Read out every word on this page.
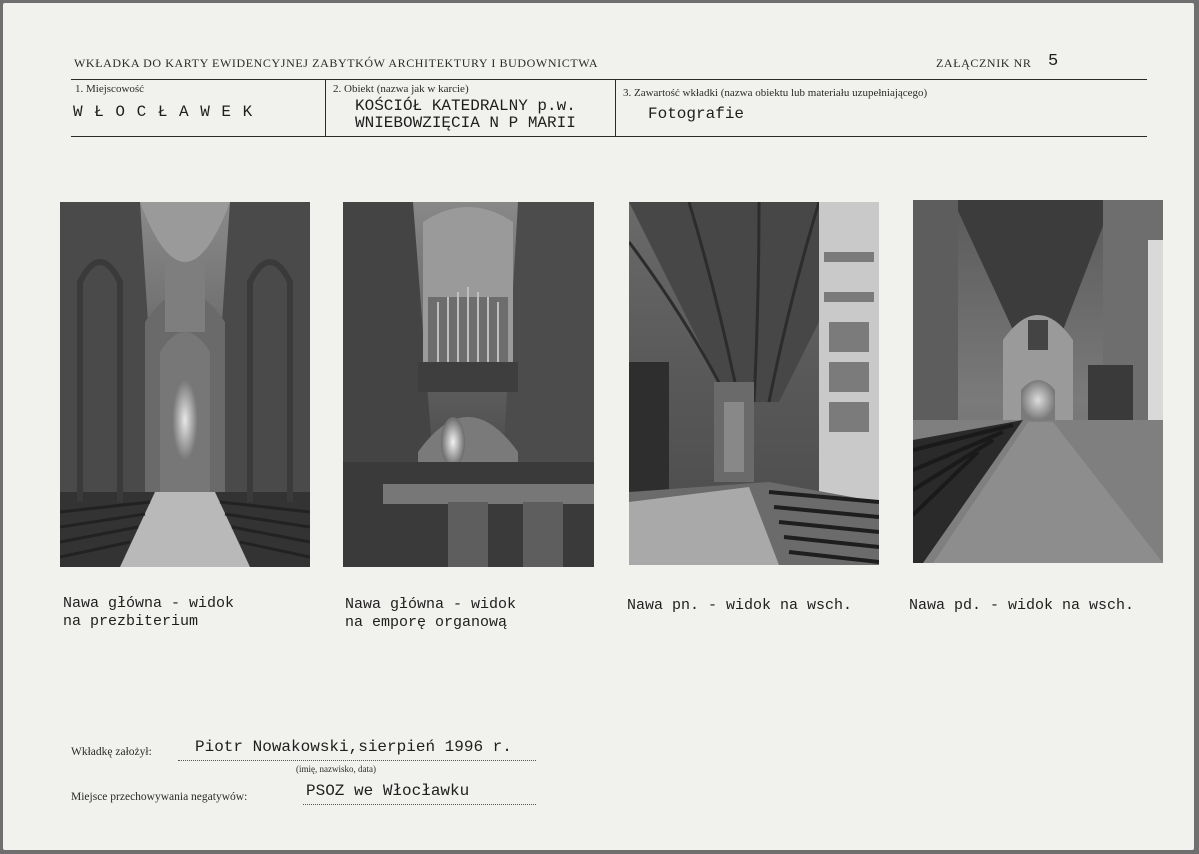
WKŁADKA DO KARTY EWIDENCYJNEJ ZABYTKÓW ARCHITEKTURY I BUDOWNICTWA	ZAŁĄCZNIK NR 5
1. Miejscowość
W Ł O C Ł A W E K
2. Obiekt (nazwa jak w karcie)
KOŚCIÓŁ KATEDRALNY p.w.
WNIEBOWZIĘCIA N P MARII
3. Zawartość wkładki (nazwa obiektu lub materiału uzupełniającego)
Fotografie
Nawa główna - widok
na prezbiterium
Nawa główna - widok
na emporę organową
Nawa pn. - widok na wsch.	Nawa pd. - widok na wsch.
Wkładkę założył:	Piotr Nowakowski,sierpień 1996 r.
(imię, nazwisko, data)
Miejsce przechowywania negatywów:	PSOZ we Włocławku
